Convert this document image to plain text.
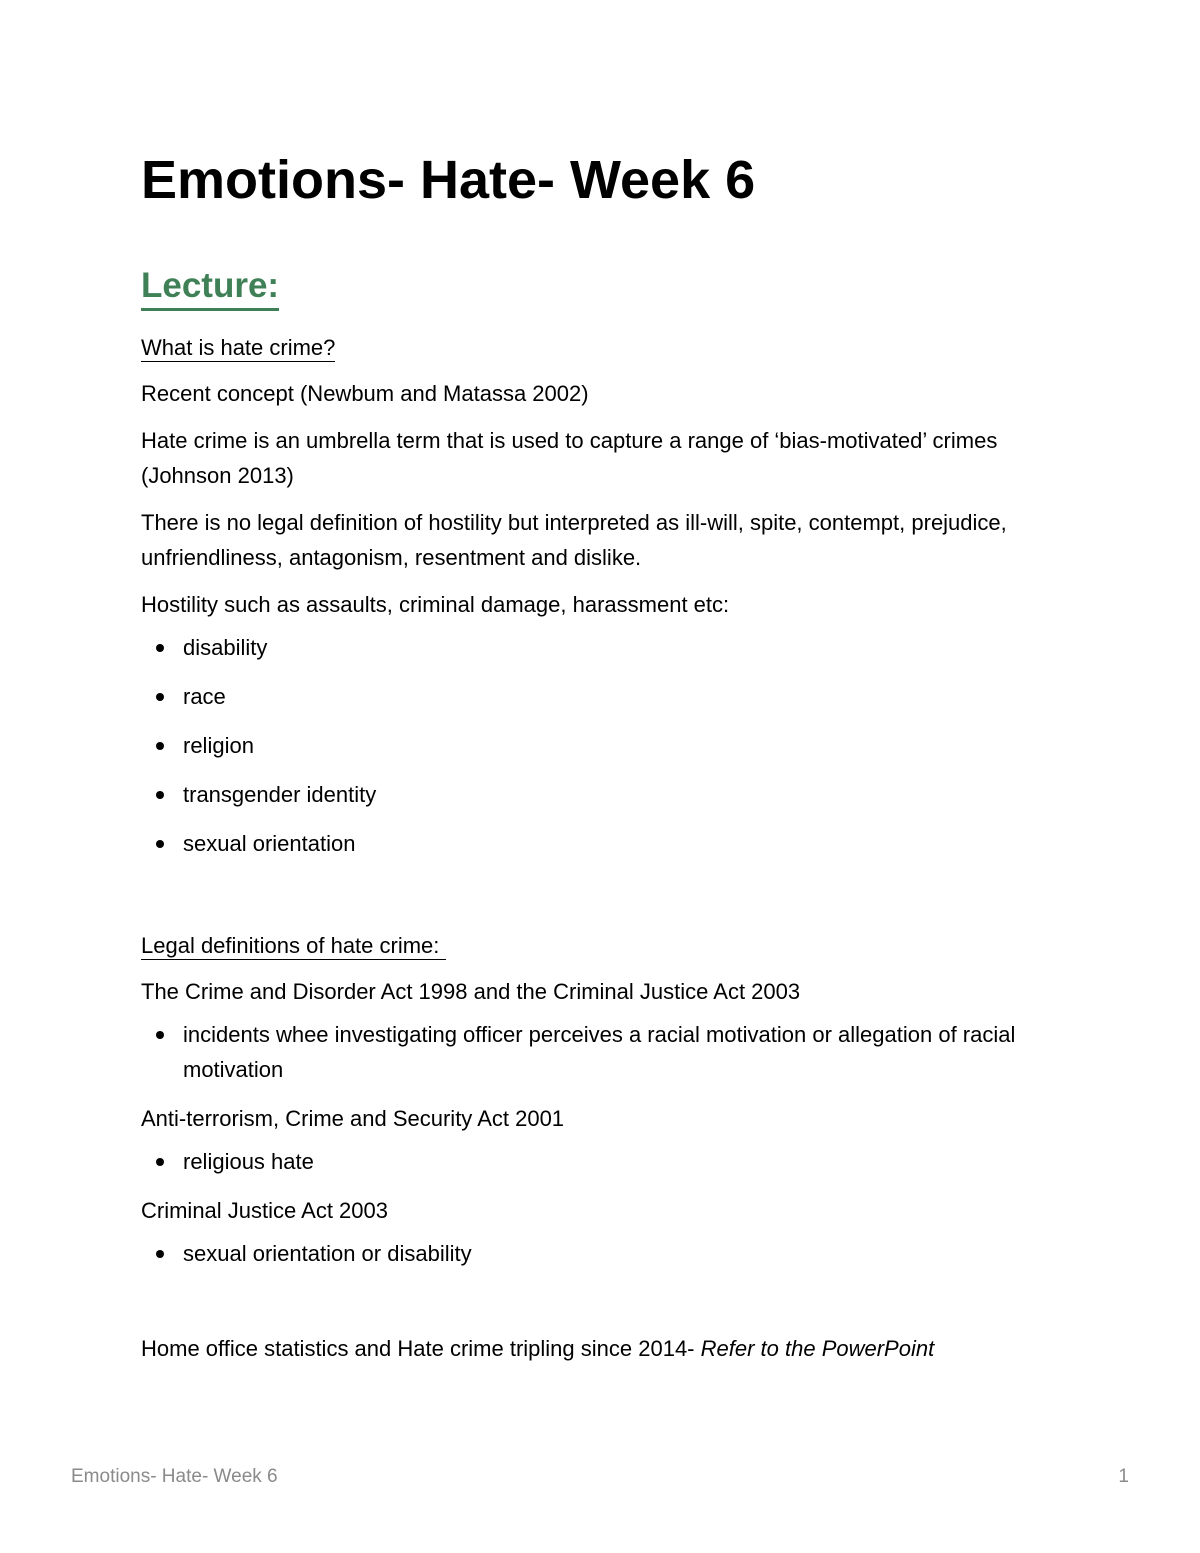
Emotions- Hate- Week 6
Lecture:
What is hate crime?

Recent concept (Newbum and Matassa 2002)

Hate crime is an umbrella term that is used to capture a range of ‘bias-motivated’ crimes (Johnson 2013)

There is no legal definition of hostility but interpreted as ill-will, spite, contempt, prejudice, unfriendliness, antagonism, resentment and dislike.

Hostility such as assaults, criminal damage, harassment etc:

disability
race
religion
transgender identity
sexual orientation
Legal definitions of hate crime:

The Crime and Disorder Act 1998 and the Criminal Justice Act 2003

incidents whee investigating officer perceives a racial motivation or allegation of racial motivation

Anti-terrorism, Crime and Security Act 2001

religious hate

Criminal Justice Act 2003

sexual orientation or disability

Home office statistics and Hate crime tripling since 2014- Refer to the PowerPoint

Emotions- Hate- Week 6	1
